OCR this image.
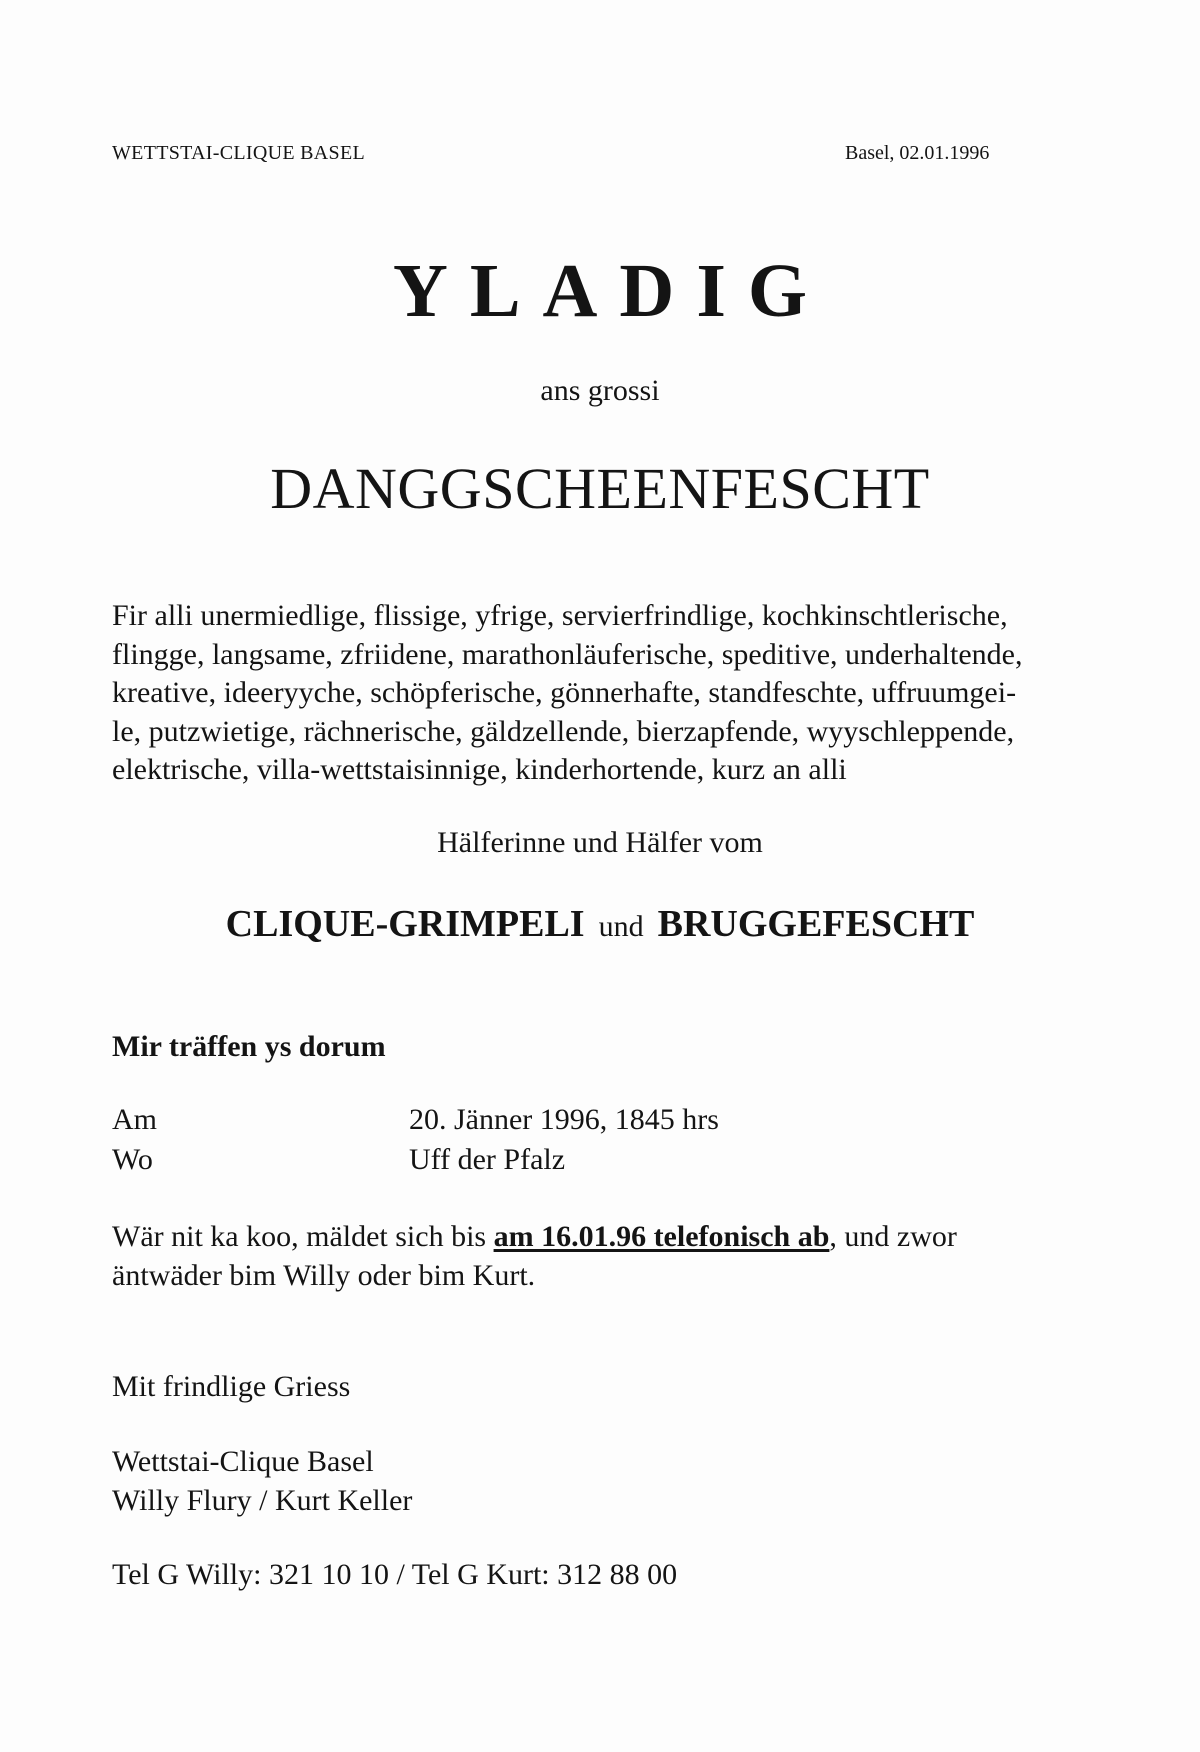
WETTSTAI-CLIQUE BASEL	Basel, 02.01.1996
YLADIG
ans grossi
DANGGSCHEENFESCHT
Fir alli unermiedlige, flissige, yfrige, servierfrindlige, kochkinschtlerische,
flingge, langsame, zfriidene, marathonläuferische, speditive, underhaltende,
kreative, ideeryyche, schöpferische, gönnerhafte, standfeschte, uffruumgei-
le, putzwietige, rächnerische, gäldzellende, bierzapfende, wyyschleppende,
elektrische, villa-wettstaisinnige, kinderhortende, kurz an alli
Hälferinne und Hälfer vom
CLIQUE-GRIMPELI und BRUGGEFESCHT
Mir träffen ys dorum
Am	20. Jänner 1996, 1845 hrs
Wo	Uff der Pfalz
Wär nit ka koo, mäldet sich bis am 16.01.96 telefonisch ab, und zwor
äntwäder bim Willy oder bim Kurt.
Mit frindlige Griess
Wettstai-Clique Basel
Willy Flury / Kurt Keller
Tel G Willy: 321 10 10 / Tel G Kurt: 312 88 00
